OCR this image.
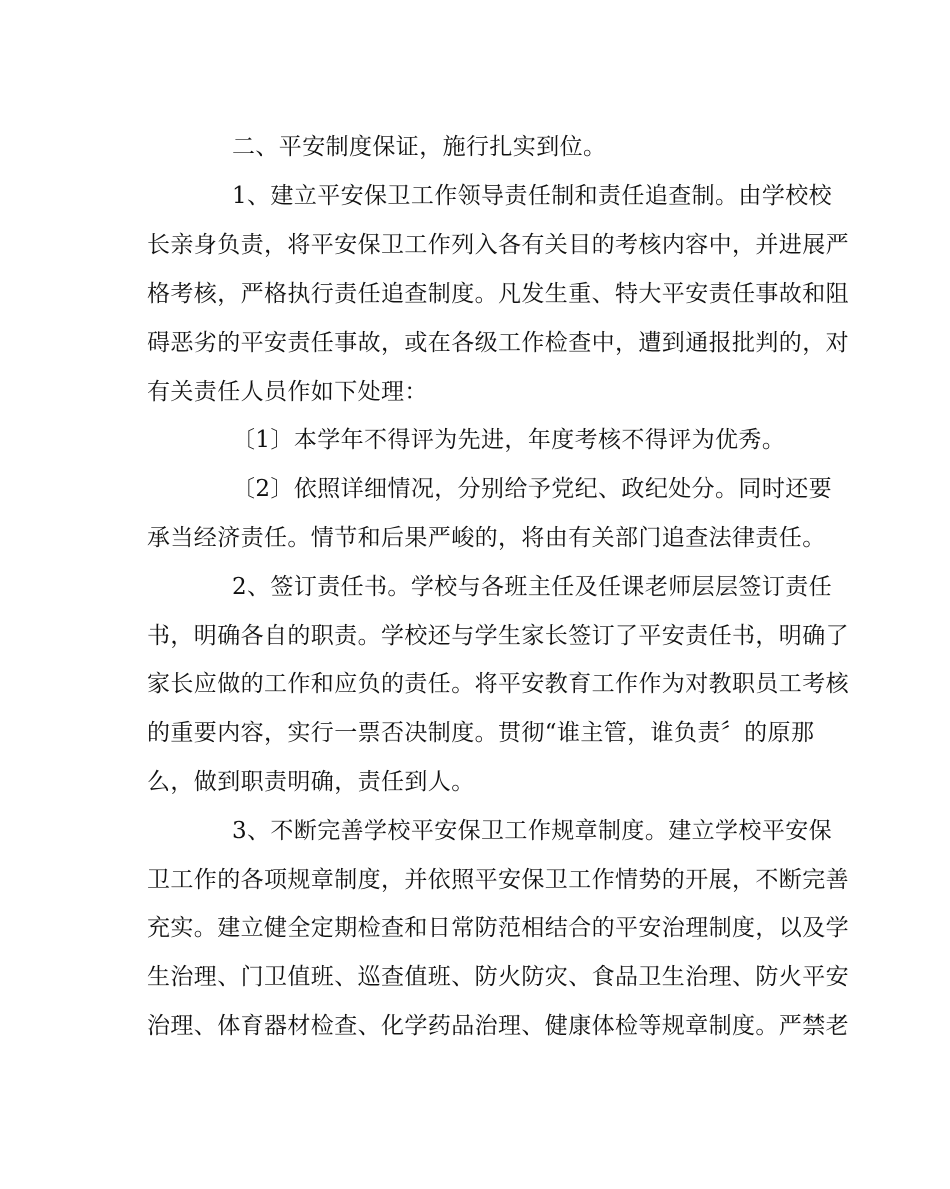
二、平安制度保证，施行扎实到位。
1、建立平安保卫工作领导责任制和责任追查制。由学校校
长亲身负责，将平安保卫工作列入各有关目的考核内容中，并进展严
格考核，严格执行责任追查制度。凡发生重、特大平安责任事故和阻
碍恶劣的平安责任事故，或在各级工作检查中，遭到通报批判的，对
有关责任人员作如下处理：
〔1〕本学年不得评为先进，年度考核不得评为优秀。
〔2〕依照详细情况，分别给予党纪、政纪处分。同时还要
承当经济责任。情节和后果严峻的，将由有关部门追查法律责任。
2、签订责任书。学校与各班主任及任课老师层层签订责任
书，明确各自的职责。学校还与学生家长签订了平安责任书，明确了
家长应做的工作和应负的责任。将平安教育工作作为对教职员工考核
的重要内容，实行一票否决制度。贯彻“谁主管，谁负责〞的原那
么，做到职责明确，责任到人。
3、不断完善学校平安保卫工作规章制度。建立学校平安保
卫工作的各项规章制度，并依照平安保卫工作情势的开展，不断完善
充实。建立健全定期检查和日常防范相结合的平安治理制度，以及学
生治理、门卫值班、巡查值班、防火防灾、食品卫生治理、防火平安
治理、体育器材检查、化学药品治理、健康体检等规章制度。严禁老
